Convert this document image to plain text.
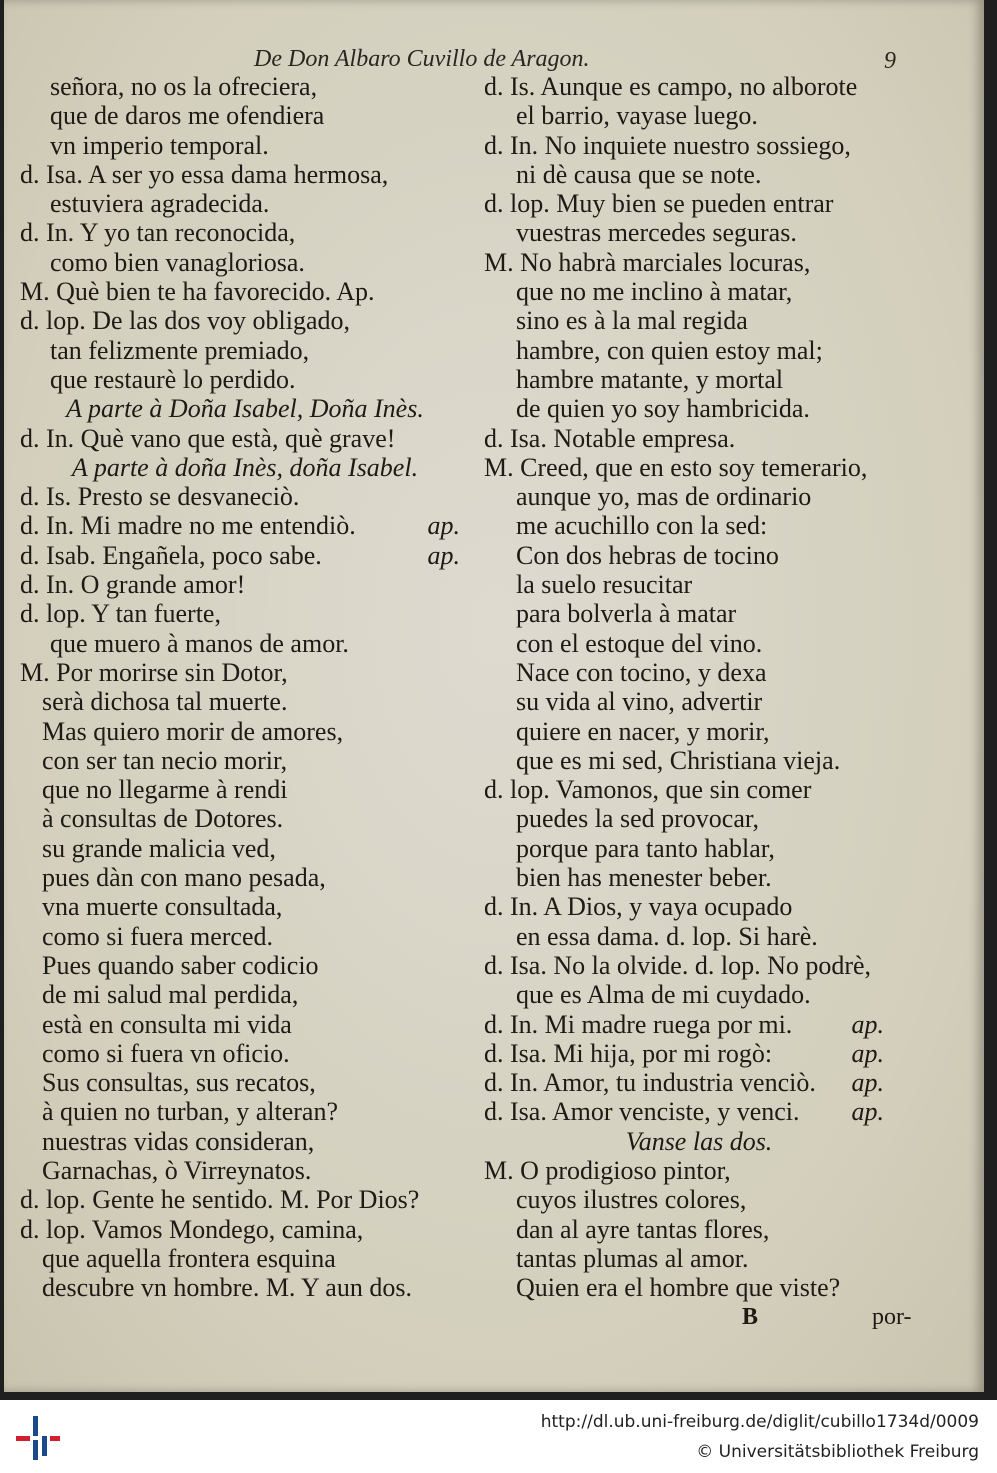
De Don Albaro Cuvillo de Aragon.	9
señora, no os la ofreciera,
que de daros me ofendiera
vn imperio temporal.
d. Isa. A ser yo essa dama hermosa,
estuviera agradecida.
d. In. Y yo tan reconocida,
como bien vanagloriosa.
M. Què bien te ha favorecido. Ap.
d. lop. De las dos voy obligado,
tan felizmente premiado,
que restaurè lo perdido.
A parte à Doña Isabel, Doña Inès.
d. In. Què vano que està, què grave!
A parte à doña Inès, doña Isabel.
d. Is. Presto se desvaneciò.
d. In. Mi madre no me entendiò.	ap.
d. Isab. Engañela, poco sabe.	ap.
d. In. O grande amor!
d. lop. Y tan fuerte,
que muero à manos de amor.
M. Por morirse sin Dotor,
serà dichosa tal muerte.
Mas quiero morir de amores,
con ser tan necio morir,
que no llegarme à rendi
à consultas de Dotores.
su grande malicia ved,
pues dàn con mano pesada,
vna muerte consultada,
como si fuera merced.
Pues quando saber codicio
de mi salud mal perdida,
està en consulta mi vida
como si fuera vn oficio.
Sus consultas, sus recatos,
à quien no turban, y alteran?
nuestras vidas consideran,
Garnachas, ò Virreynatos.
d. lop. Gente he sentido. M. Por Dios?
d. lop. Vamos Mondego, camina,
que aquella frontera esquina
descubre vn hombre. M. Y aun dos.
d. Is. Aunque es campo, no alborote
el barrio, vayase luego.
d. In. No inquiete nuestro sossiego,
ni dè causa que se note.
d. lop. Muy bien se pueden entrar
vuestras mercedes seguras.
M. No habrà marciales locuras,
que no me inclino à matar,
sino es à la mal regida
hambre, con quien estoy mal;
hambre matante, y mortal
de quien yo soy hambricida.
d. Isa. Notable empresa.
M. Creed, que en esto soy temerario,
aunque yo, mas de ordinario
me acuchillo con la sed:
Con dos hebras de tocino
la suelo resucitar
para bolverla à matar
con el estoque del vino.
Nace con tocino, y dexa
su vida al vino, advertir
quiere en nacer, y morir,
que es mi sed, Christiana vieja.
d. lop. Vamonos, que sin comer
puedes la sed provocar,
porque para tanto hablar,
bien has menester beber.
d. In. A Dios, y vaya ocupado
en essa dama. d. lop. Si harè.
d. Isa. No la olvide. d. lop. No podrè,
que es Alma de mi cuydado.
d. In. Mi madre ruega por mi. ap.
d. Isa. Mi hija, por mi rogò:	ap.
d. In. Amor, tu industria venciò. ap.
d. Isa. Amor venciste, y venci. ap.
Vanse las dos.
M. O prodigioso pintor,
cuyos ilustres colores,
dan al ayre tantas flores,
tantas plumas al amor.
Quien era el hombre que viste?
B	por-
http://dl.ub.uni-freiburg.de/diglit/cubillo1734d/0009
© Universitätsbibliothek Freiburg
